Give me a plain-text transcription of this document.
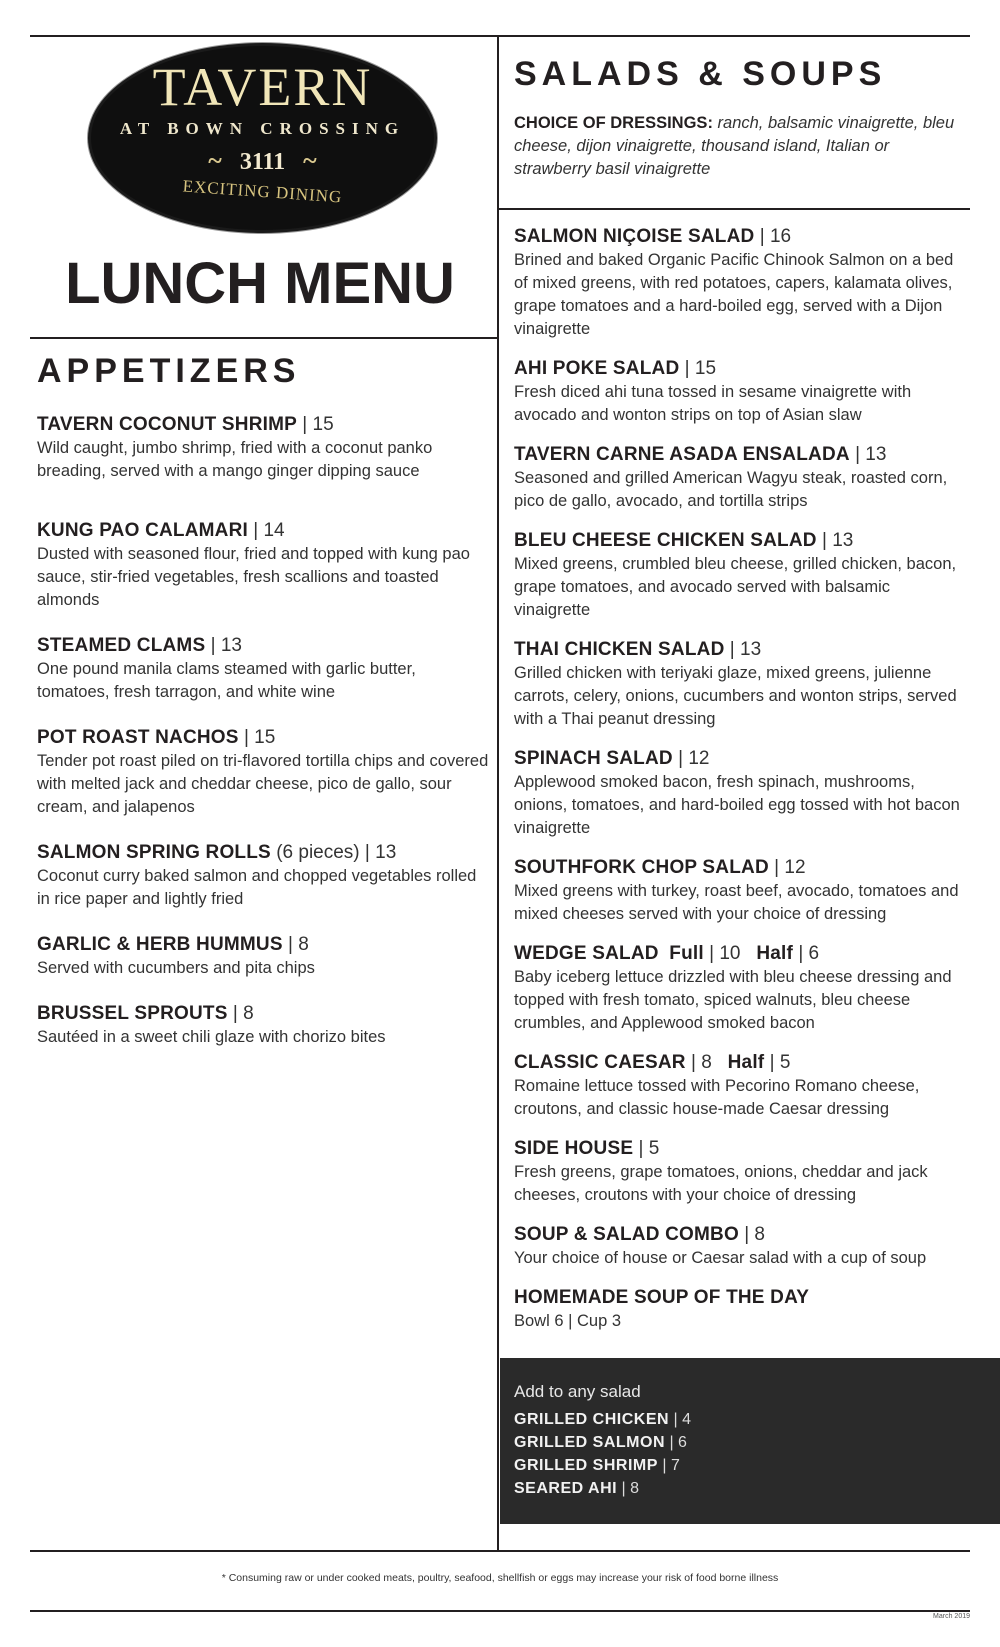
TAVERN
AT BOWN CROSSING
~ 3111 ~
EXCITING DINING
LUNCH MENU
APPETIZERS
TAVERN COCONUT SHRIMP | 15
Wild caught, jumbo shrimp, fried with a coconut panko breading, served with a mango ginger dipping sauce
KUNG PAO CALAMARI | 14
Dusted with seasoned flour, fried and topped with kung pao sauce, stir-fried vegetables, fresh scallions and toasted almonds
STEAMED CLAMS | 13
One pound manila clams steamed with garlic butter, tomatoes, fresh tarragon, and white wine
POT ROAST NACHOS | 15
Tender pot roast piled on tri-flavored tortilla chips and covered with melted jack and cheddar cheese, pico de gallo, sour cream, and jalapenos
SALMON SPRING ROLLS (6 pieces) | 13
Coconut curry baked salmon and chopped vegetables rolled in rice paper and lightly fried
GARLIC & HERB HUMMUS | 8
Served with cucumbers and pita chips
BRUSSEL SPROUTS | 8
Sautéed in a sweet chili glaze with chorizo bites
SALADS & SOUPS
CHOICE OF DRESSINGS: ranch, balsamic vinaigrette, bleu cheese, dijon vinaigrette, thousand island, Italian or strawberry basil vinaigrette
SALMON NIÇOISE SALAD | 16
Brined and baked Organic Pacific Chinook Salmon on a bed of mixed greens, with red potatoes, capers, kalamata olives, grape tomatoes and a hard-boiled egg, served with a Dijon vinaigrette
AHI POKE SALAD | 15
Fresh diced ahi tuna tossed in sesame vinaigrette with avocado and wonton strips on top of Asian slaw
TAVERN CARNE ASADA ENSALADA | 13
Seasoned and grilled American Wagyu steak, roasted corn, pico de gallo, avocado, and tortilla strips
BLEU CHEESE CHICKEN SALAD | 13
Mixed greens, crumbled bleu cheese, grilled chicken, bacon, grape tomatoes, and avocado served with balsamic vinaigrette
THAI CHICKEN SALAD | 13
Grilled chicken with teriyaki glaze, mixed greens, julienne carrots, celery, onions, cucumbers and wonton strips, served with a Thai peanut dressing
SPINACH SALAD | 12
Applewood smoked bacon, fresh spinach, mushrooms, onions, tomatoes, and hard-boiled egg tossed with hot bacon vinaigrette
SOUTHFORK CHOP SALAD | 12
Mixed greens with turkey, roast beef, avocado, tomatoes and mixed cheeses served with your choice of dressing
WEDGE SALAD Full | 10 Half | 6
Baby iceberg lettuce drizzled with bleu cheese dressing and topped with fresh tomato, spiced walnuts, bleu cheese crumbles, and Applewood smoked bacon
CLASSIC CAESAR | 8 Half | 5
Romaine lettuce tossed with Pecorino Romano cheese, croutons, and classic house-made Caesar dressing
SIDE HOUSE | 5
Fresh greens, grape tomatoes, onions, cheddar and jack cheeses, croutons with your choice of dressing
SOUP & SALAD COMBO | 8
Your choice of house or Caesar salad with a cup of soup
HOMEMADE SOUP OF THE DAY
Bowl 6 | Cup 3
Add to any salad
GRILLED CHICKEN | 4
GRILLED SALMON | 6
GRILLED SHRIMP | 7
SEARED AHI | 8
* Consuming raw or under cooked meats, poultry, seafood, shellfish or eggs may increase your risk of food borne illness
March 2019
